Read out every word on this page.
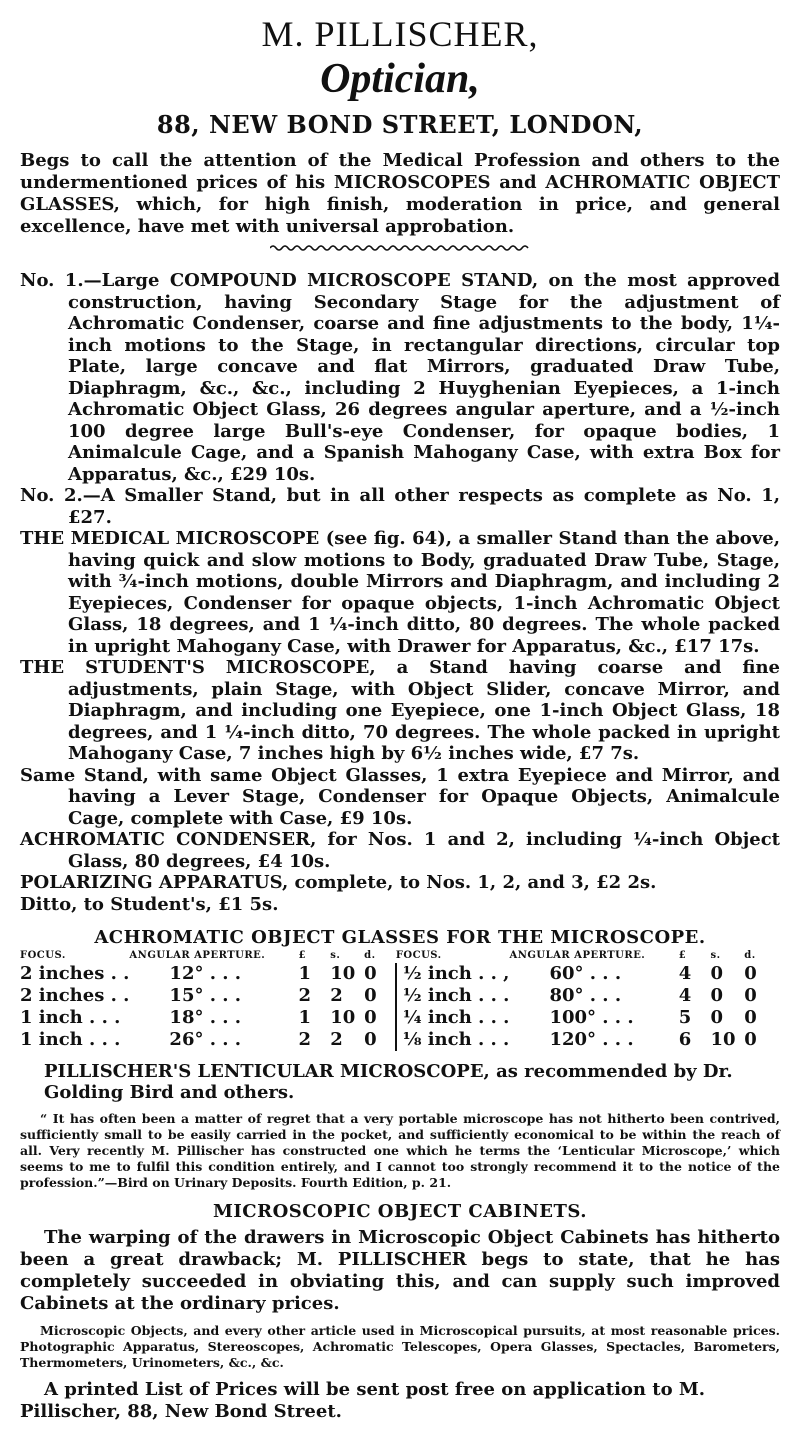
M. PILLISCHER,
Optician,
88, NEW BOND STREET, LONDON,
Begs to call the attention of the Medical Profession and others to the undermentioned prices of his MICROSCOPES and ACHROMATIC OBJECT GLASSES, which, for high finish, moderation in price, and general excellence, have met with universal approbation.

No. 1.—Large COMPOUND MICROSCOPE STAND, on the most approved construction, having Secondary Stage for the adjustment of Achromatic Condenser, coarse and fine adjustments to the body, 1¼-inch motions to the Stage, in rectangular directions, circular top Plate, large concave and flat Mirrors, graduated Draw Tube, Diaphragm, &c., &c., including 2 Huyghenian Eyepieces, a 1-inch Achromatic Object Glass, 26 degrees angular aperture, and a ½-inch 100 degree large Bull's-eye Condenser, for opaque bodies, 1 Animalcule Cage, and a Spanish Mahogany Case, with extra Box for Apparatus, &c., £29 10s.

No. 2.—A Smaller Stand, but in all other respects as complete as No. 1, £27.

THE MEDICAL MICROSCOPE (see fig. 64), a smaller Stand than the above, having quick and slow motions to Body, graduated Draw Tube, Stage, with ¾-inch motions, double Mirrors and Diaphragm, and including 2 Eyepieces, Condenser for opaque objects, 1-inch Achromatic Object Glass, 18 degrees, and 1 ¼-inch ditto, 80 degrees. The whole packed in upright Mahogany Case, with Drawer for Apparatus, &c., £17 17s.

THE STUDENT'S MICROSCOPE, a Stand having coarse and fine adjustments, plain Stage, with Object Slider, concave Mirror, and Diaphragm, and including one Eyepiece, one 1-inch Object Glass, 18 degrees, and 1 ¼-inch ditto, 70 degrees. The whole packed in upright Mahogany Case, 7 inches high by 6½ inches wide, £7 7s.

Same Stand, with same Object Glasses, 1 extra Eyepiece and Mirror, and having a Lever Stage, Condenser for Opaque Objects, Animalcule Cage, complete with Case, £9 10s.

ACHROMATIC CONDENSER, for Nos. 1 and 2, including ¼-inch Object Glass, 80 degrees, £4 10s.

POLARIZING APPARATUS, complete, to Nos. 1, 2, and 3, £2 2s.

Ditto, to Student's, £1 5s.

ACHROMATIC OBJECT GLASSES FOR THE MICROSCOPE.
FOCUS.	ANGULAR APERTURE.	£	s.	d.	FOCUS.	ANGULAR APERTURE.	£	s.	d.
2 inches . .	12° . . .	1	10	0	½ inch . . ,	60° . . .	4	0	0
2 inches . .	15° . . .	2	2	0	½ inch . . .	80° . . .	4	0	0
1 inch . . .	18° . . .	1	10	0	¼ inch . . .	100° . . .	5	0	0
1 inch . . .	26° . . .	2	2	0	⅛ inch . . .	120° . . .	6	10	0
PILLISCHER'S LENTICULAR MICROSCOPE, as recommended by Dr. Golding Bird and others.
“ It has often been a matter of regret that a very portable microscope has not hitherto been contrived, sufficiently small to be easily carried in the pocket, and sufficiently economical to be within the reach of all. Very recently M. Pillischer has constructed one which he terms the ‘Lenticular Microscope,’ which seems to me to fulfil this condition entirely, and I cannot too strongly recommend it to the notice of the profession.”—Bird on Urinary Deposits. Fourth Edition, p. 21.
MICROSCOPIC OBJECT CABINETS.
The warping of the drawers in Microscopic Object Cabinets has hitherto been a great drawback; M. PILLISCHER begs to state, that he has completely succeeded in obviating this, and can supply such improved Cabinets at the ordinary prices.
Microscopic Objects, and every other article used in Microscopical pursuits, at most reasonable prices. Photographic Apparatus, Stereoscopes, Achromatic Telescopes, Opera Glasses, Spectacles, Barometers, Thermometers, Urinometers, &c., &c.
A printed List of Prices will be sent post free on application to M. Pillischer, 88, New Bond Street.
